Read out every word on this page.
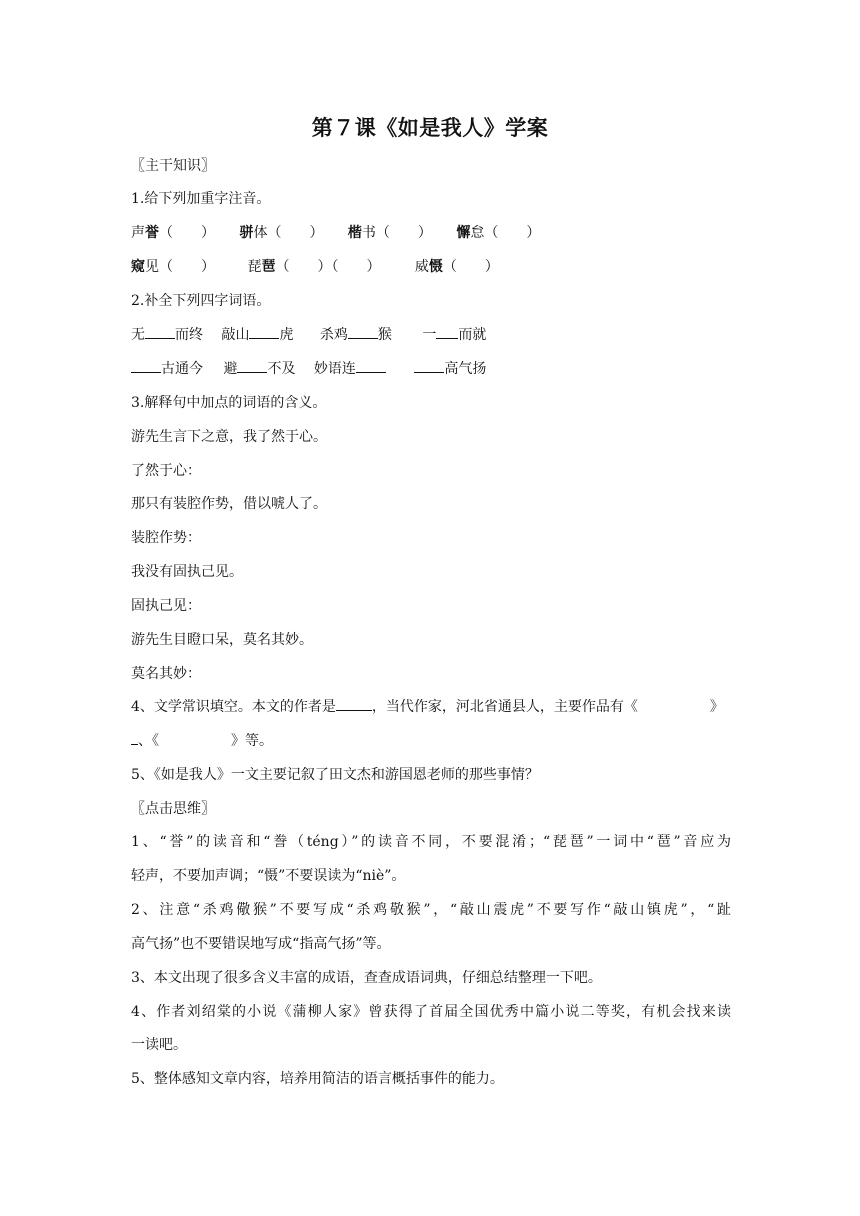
第７课《如是我人》学案
〖主干知识〗
1.给下列加重字注音。
声誉（　　） 骈体（　　） 楷书（　　） 懈怠（　　）
窥见（　　） 琵琶（　　）（　　） 威慑（　　）
2.补全下列四字词语。
无 而终 敲山 虎 杀鸡 猴 一 而就
古通今 避 不及 妙语连	高气扬
3.解释句中加点的词语的含义。
游先生言下之意，我了然于心。
了然于心：
那只有装腔作势，借以唬人了。
装腔作势：
我没有固执己见。
固执己见：
游先生目瞪口呆，莫名其妙。
莫名其妙：
4、文学常识填空。本文的作者是	，当代作家，河北省通县人，主要作品有《	》
、《	》等。
5、《如是我人》一文主要记叙了田文杰和游国恩老师的那些事情？
〖点击思维〗
1、“誉”的读音和“誊（téng）”的读音不同，不要混淆；“琵琶”一词中“琶”音应为
轻声，不要加声调；“慑”不要误读为“niè”。
2、注意“杀鸡儆猴”不要写成“杀鸡敬猴”，“敲山震虎”不要写作“敲山镇虎”，“趾
高气扬”也不要错误地写成“指高气扬”等。
3、本文出现了很多含义丰富的成语，查查成语词典，仔细总结整理一下吧。
4、作者刘绍棠的小说《蒲柳人家》曾获得了首届全国优秀中篇小说二等奖，有机会找来读
一读吧。
5、整体感知文章内容，培养用简洁的语言概括事件的能力。
